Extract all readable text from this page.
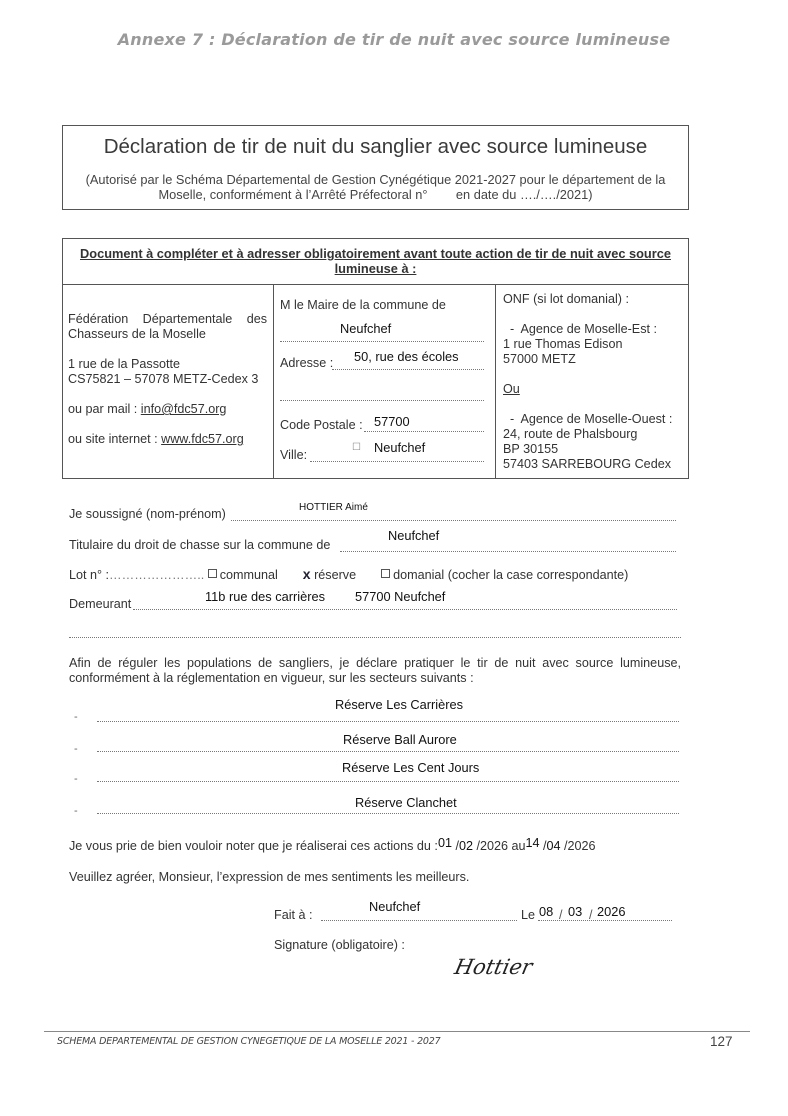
Annexe 7 : Déclaration de tir de nuit avec source lumineuse
Déclaration de tir de nuit du sanglier avec source lumineuse
(Autorisé par le Schéma Départemental de Gestion Cynégétique 2021-2027 pour le département de la
Moselle, conformément à l’Arrêté Préfectoral n°        en date du …./…./2021)
Document à compléter et à adresser obligatoirement avant toute action de tir de nuit avec source
lumineuse à :
Fédération Départementale des
Chasseurs de la Moselle
1 rue de la Passotte
CS75821 – 57078 METZ-Cedex 3
ou par mail : info@fdc57.org
ou site internet : www.fdc57.org
M le Maire de la commune de
Neufchef
Adresse : 50, rue des écoles
Code Postale : 57700
Ville:
☐ Neufchef
ONF (si lot domanial) :
-  Agence de Moselle-Est :
1 rue Thomas Edison
57000 METZ
Ou
-  Agence de Moselle-Ouest :
24, route de Phalsbourg
BP 30155
57403 SARREBOURG Cedex
Je soussigné (nom-prénom)	HOTTIER Aimé
Titulaire du droit de chasse sur la commune de
Neufchef
Lot n° :………………….. communal x réserve	domanial (cocher la case correspondante)
Demeurant	11b rue des carrières 57700 Neufchef
Afin de réguler les populations de sangliers, je déclare pratiquer le tir de nuit avec source lumineuse, conformément à la réglementation en vigueur, sur les secteurs suivants :
-
Réserve Les Carrières
-
Réserve Ball Aurore
-
Réserve Les Cent Jours
-
Réserve Clanchet
Je vous prie de bien vouloir noter que je réaliserai ces actions du :01 /02 /2026 au14 /04 /2026
Veuillez agréer, Monsieur, l’expression de mes sentiments les meilleurs.
Fait à :
Neufchef
Le 08 / 03 / 2026
Signature (obligatoire) :
Hottier
SCHEMA DEPARTEMENTAL DE GESTION CYNEGETIQUE DE LA MOSELLE 2021 - 2027	127
